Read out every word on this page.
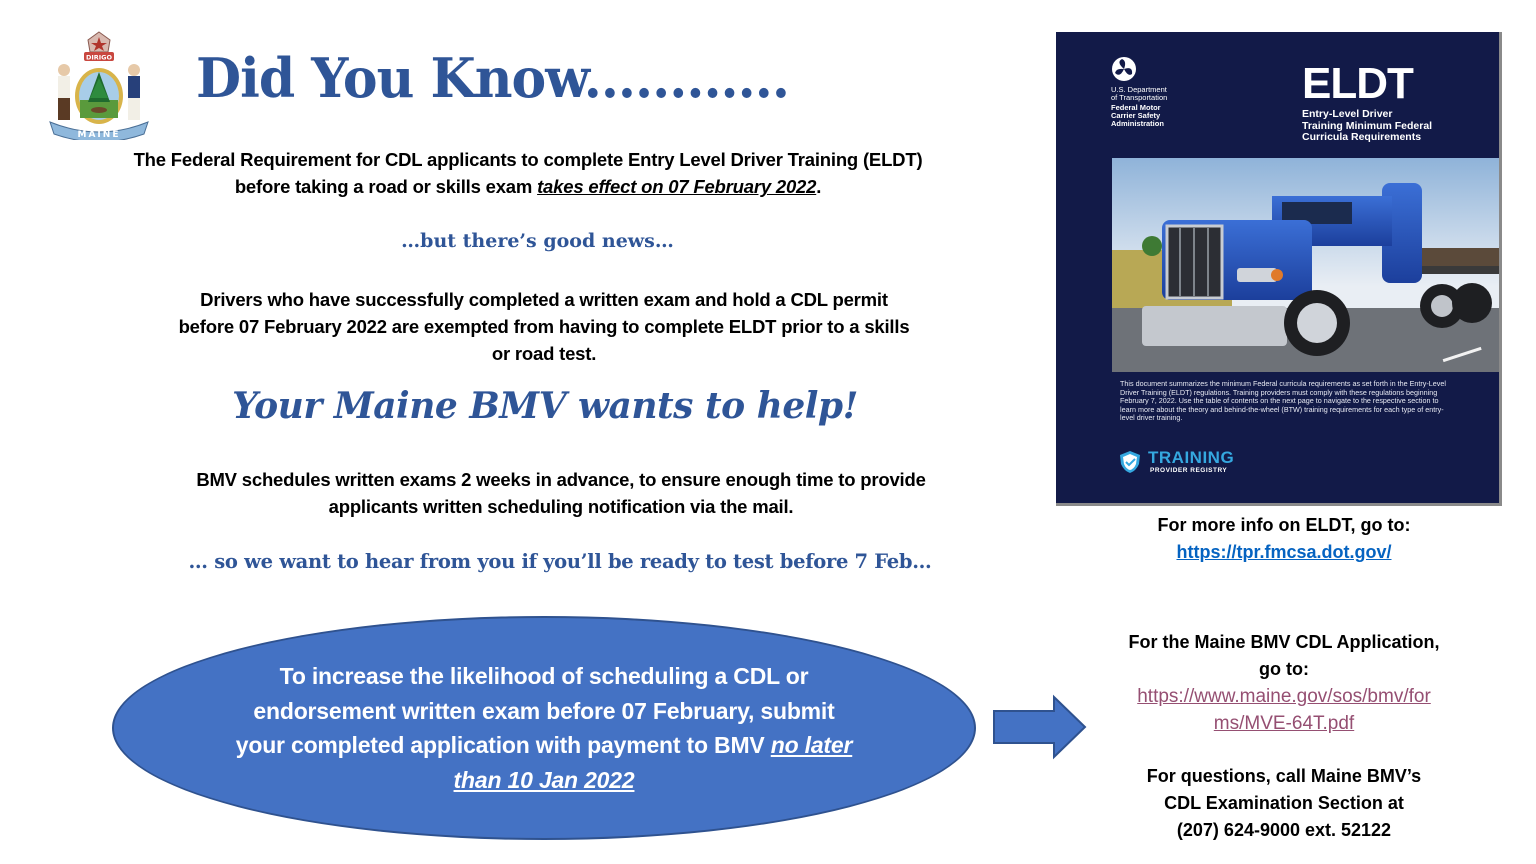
DIRIGO
MAINE
Did You Know............
The Federal Requirement for CDL applicants to complete Entry Level Driver Training (ELDT) before taking a road or skills exam takes effect on 07 February 2022.
…but there’s good news…
Drivers who have successfully completed a written exam and hold a CDL permit before 07 February 2022 are exempted from having to complete ELDT prior to a skills or road test.
Your Maine BMV wants to help!
BMV schedules written exams 2 weeks in advance, to ensure enough time to provide applicants written scheduling notification via the mail.
… so we want to hear from you if you’ll be ready to test before 7 Feb…
To increase the likelihood of scheduling a CDL or endorsement written exam before 07 February, submit your completed application with payment to BMV no later than 10 Jan 2022
U.S. Department
of Transportation
Federal Motor
Carrier Safety
Administration
ELDT
Entry-Level Driver
Training Minimum Federal
Curricula Requirements
This document summarizes the minimum Federal curricula requirements as set forth in the Entry-Level Driver Training (ELDT) regulations. Training providers must comply with these regulations beginning February 7, 2022. Use the table of contents on the next page to navigate to the respective section to learn more about the theory and behind-the-wheel (BTW) training requirements for each type of entry-level driver training.
TRAINING
PROVIDER REGISTRY
For more info on ELDT, go to:
https://tpr.fmcsa.dot.gov/
For the Maine BMV CDL Application,
go to:
https://www.maine.gov/sos/bmv/for
ms/MVE-64T.pdf
For questions, call Maine BMV’s
CDL Examination Section at
(207) 624-9000 ext. 52122
